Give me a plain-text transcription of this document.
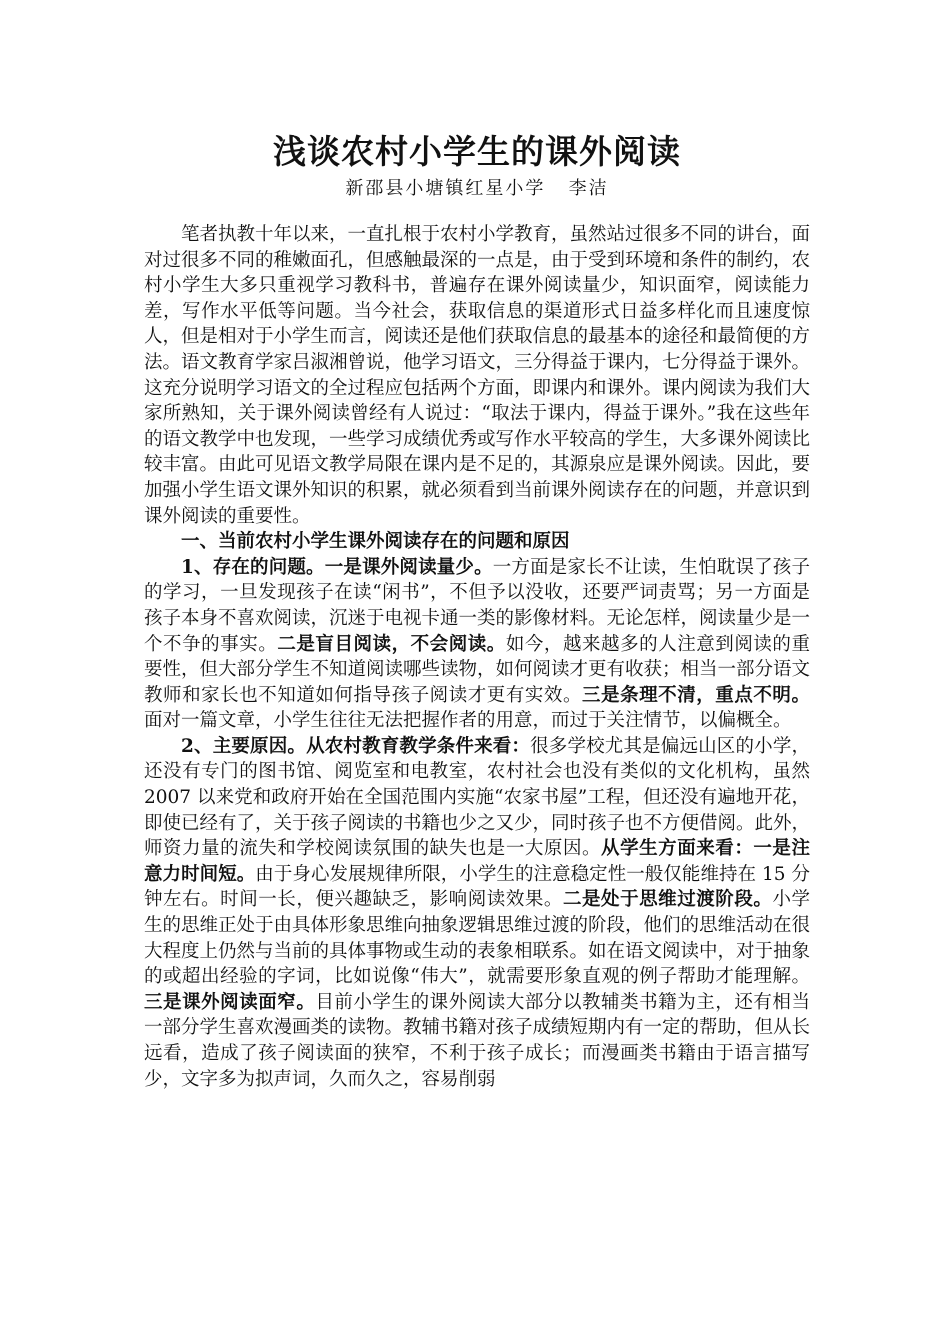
浅谈农村小学生的课外阅读

新邵县小塘镇红星小学   李洁

笔者执教十年以来，一直扎根于农村小学教育，虽然站过很多不同的讲台，面对过很多不同的稚嫩面孔，但感触最深的一点是，由于受到环境和条件的制约，农村小学生大多只重视学习教科书，普遍存在课外阅读量少，知识面窄，阅读能力差，写作水平低等问题。当今社会，获取信息的渠道形式日益多样化而且速度惊人，但是相对于小学生而言，阅读还是他们获取信息的最基本的途径和最简便的方法。语文教育学家吕淑湘曾说，他学习语文，三分得益于课内，七分得益于课外。这充分说明学习语文的全过程应包括两个方面，即课内和课外。课内阅读为我们大家所熟知，关于课外阅读曾经有人说过：“取法于课内，得益于课外。”我在这些年的语文教学中也发现，一些学习成绩优秀或写作水平较高的学生，大多课外阅读比较丰富。由此可见语文教学局限在课内是不足的，其源泉应是课外阅读。因此，要加强小学生语文课外知识的积累，就必须看到当前课外阅读存在的问题，并意识到课外阅读的重要性。

一、当前农村小学生课外阅读存在的问题和原因

1、存在的问题。一是课外阅读量少。一方面是家长不让读，生怕耽误了孩子的学习，一旦发现孩子在读“闲书”，不但予以没收，还要严词责骂；另一方面是孩子本身不喜欢阅读，沉迷于电视卡通一类的影像材料。无论怎样，阅读量少是一个不争的事实。二是盲目阅读，不会阅读。如今，越来越多的人注意到阅读的重要性，但大部分学生不知道阅读哪些读物，如何阅读才更有收获；相当一部分语文教师和家长也不知道如何指导孩子阅读才更有实效。三是条理不清，重点不明。面对一篇文章，小学生往往无法把握作者的用意，而过于关注情节，以偏概全。

2、主要原因。从农村教育教学条件来看：很多学校尤其是偏远山区的小学，还没有专门的图书馆、阅览室和电教室，农村社会也没有类似的文化机构，虽然 2007 以来党和政府开始在全国范围内实施“农家书屋”工程，但还没有遍地开花，即使已经有了，关于孩子阅读的书籍也少之又少，同时孩子也不方便借阅。此外，师资力量的流失和学校阅读氛围的缺失也是一大原因。从学生方面来看：一是注意力时间短。由于身心发展规律所限，小学生的注意稳定性一般仅能维持在 15 分钟左右。时间一长，便兴趣缺乏，影响阅读效果。二是处于思维过渡阶段。小学生的思维正处于由具体形象思维向抽象逻辑思维过渡的阶段，他们的思维活动在很大程度上仍然与当前的具体事物或生动的表象相联系。如在语文阅读中，对于抽象的或超出经验的字词，比如说像“伟大”，就需要形象直观的例子帮助才能理解。三是课外阅读面窄。目前小学生的课外阅读大部分以教辅类书籍为主，还有相当一部分学生喜欢漫画类的读物。教辅书籍对孩子成绩短期内有一定的帮助，但从长远看，造成了孩子阅读面的狭窄，不利于孩子成长；而漫画类书籍由于语言描写少，文字多为拟声词，久而久之，容易削弱
